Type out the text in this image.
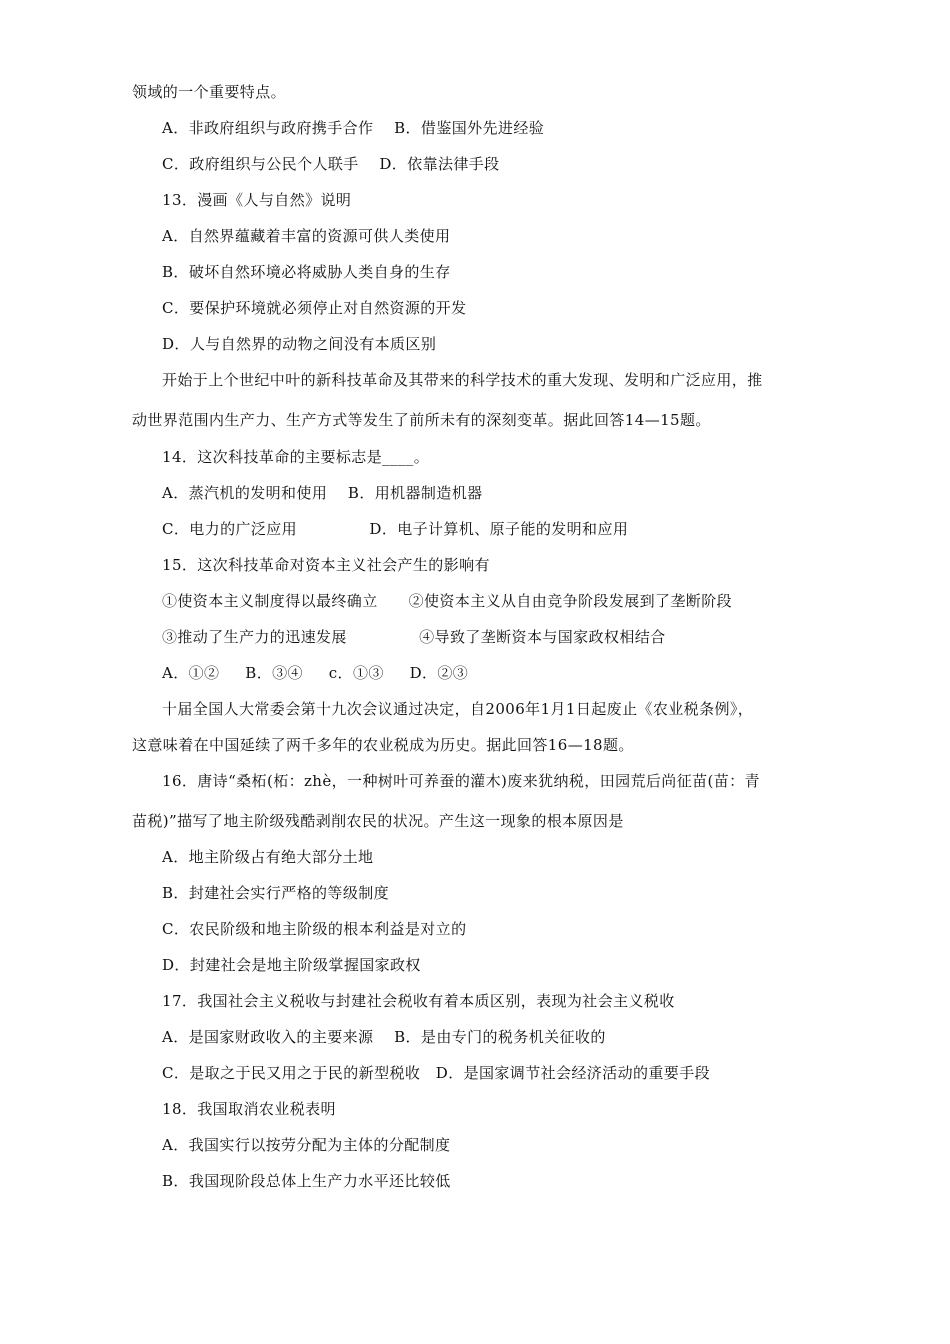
领域的一个重要特点。
A．非政府组织与政府携手合作    B．借鉴国外先进经验
C．政府组织与公民个人联手    D．依靠法律手段
13．漫画《人与自然》说明
A．自然界蕴藏着丰富的资源可供人类使用
B．破坏自然环境必将威胁人类自身的生存
C．要保护环境就必须停止对自然资源的开发
D．人与自然界的动物之间没有本质区别
开始于上个世纪中叶的新科技革命及其带来的科学技术的重大发现、发明和广泛应用，推
动世界范围内生产力、生产方式等发生了前所未有的深刻变革。据此回答14—15题。
14．这次科技革命的主要标志是____。
A．蒸汽机的发明和使用    B．用机器制造机器
C．电力的广泛应用              D．电子计算机、原子能的发明和应用
15．这次科技革命对资本主义社会产生的影响有
①使资本主义制度得以最终确立      ②使资本主义从自由竞争阶段发展到了垄断阶段
③推动了生产力的迅速发展              ④导致了垄断资本与国家政权相结合
A．①②     B．③④     c．①③     D．②③
十届全国人大常委会第十九次会议通过决定，自2006年1月1日起废止《农业税条例》，
这意味着在中国延续了两千多年的农业税成为历史。据此回答16—18题。
16．唐诗“桑柘(柘：zhè，一种树叶可养蚕的灌木)废来犹纳税，田园荒后尚征苗(苗：青
苗税)”描写了地主阶级残酷剥削农民的状况。产生这一现象的根本原因是
A．地主阶级占有绝大部分土地
B．封建社会实行严格的等级制度
C．农民阶级和地主阶级的根本利益是对立的
D．封建社会是地主阶级掌握国家政权
17．我国社会主义税收与封建社会税收有着本质区别，表现为社会主义税收
A．是国家财政收入的主要来源    B．是由专门的税务机关征收的
C．是取之于民又用之于民的新型税收   D．是国家调节社会经济活动的重要手段
18．我国取消农业税表明
A．我国实行以按劳分配为主体的分配制度
B．我国现阶段总体上生产力水平还比较低
